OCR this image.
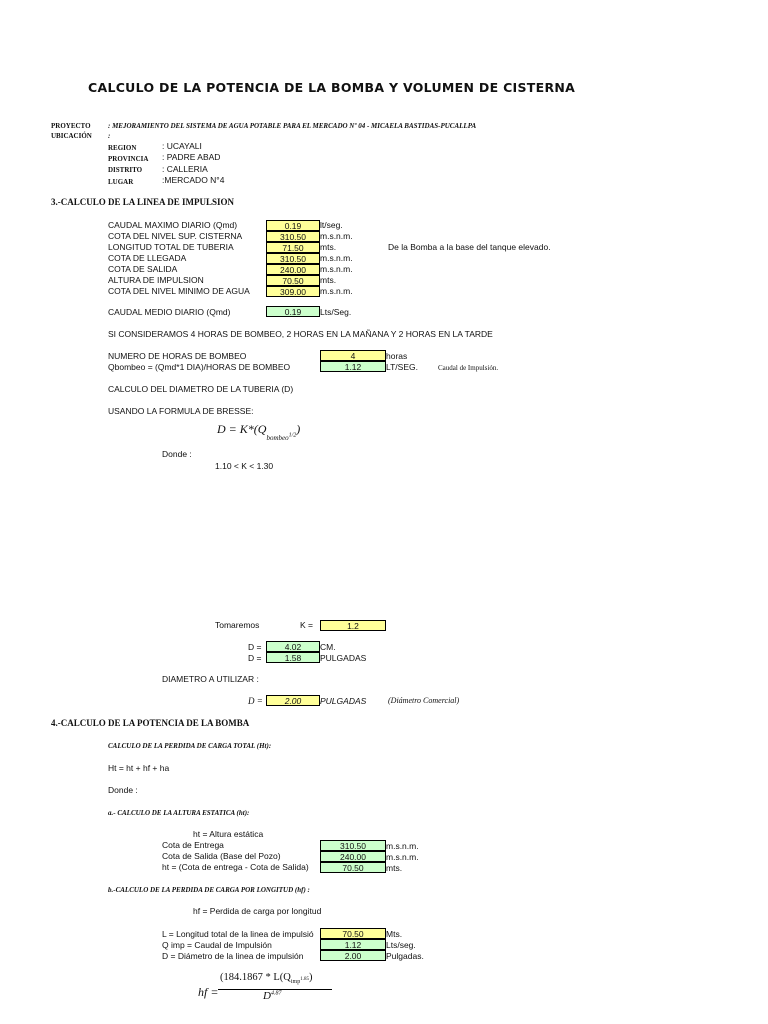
CALCULO DE LA POTENCIA DE LA BOMBA Y VOLUMEN DE CISTERNA
PROYECTO : MEJORAMIENTO DEL SISTEMA DE AGUA POTABLE PARA EL MERCADO Nº 04 - MICAELA BASTIDAS-PUCALLPA
UBICACIÓN :
REGION	: UCAYALI
PROVINCIA : PADRE ABAD
DISTRITO : CALLERIA
LUGAR	:MERCADO N°4
3.-CALCULO DE LA LINEA DE IMPULSION
CAUDAL MAXIMO DIARIO (Qmd)	0.19	lt/seg.
COTA DEL NIVEL SUP. CISTERNA	310.50	m.s.n.m.
LONGITUD TOTAL DE TUBERIA	71.50	mts.	De la Bomba a la base del tanque elevado.
COTA DE LLEGADA	310.50	m.s.n.m.
COTA DE SALIDA	240.00	m.s.n.m.
ALTURA DE IMPULSION	70.50	mts.
COTA DEL NIVEL MINIMO DE AGUA	309.00	m.s.n.m.
CAUDAL MEDIO DIARIO (Qmd)	0.19	Lts/Seg.
SI CONSIDERAMOS 4 HORAS DE BOMBEO, 2 HORAS EN LA MAÑANA Y 2 HORAS EN LA TARDE
NUMERO DE HORAS DE BOMBEO	4	horas
Qbombeo = (Qmd*1 DIA)/HORAS DE BOMBEO	1.12	LT/SEG.	Caudal de Impulsión.
CALCULO DEL DIAMETRO DE LA TUBERIA (D)
USANDO LA FORMULA DE BRESSE:
$D = K*(Q_{bombeo^{1/2}})$
Donde :
1.10 < K < 1.30
Tomaremos	K =	1.2
D =	4.02	CM.
D =	1.58	PULGADAS
DIAMETRO A UTILIZAR :
D =	2.00	PULGADAS	(Diámetro Comercial)
4.-CALCULO DE LA POTENCIA DE LA BOMBA
CALCULO DE LA PERDIDA DE CARGA TOTAL (Ht):
Ht = ht + hf + ha
Donde :
a.- CALCULO DE LA ALTURA ESTATICA (ht):
ht = Altura estática
Cota de Entrega	310.50	m.s.n.m.
Cota de Salida (Base del Pozo)	240.00	m.s.n.m.
ht = (Cota de entrega - Cota de Salida)	70.50	mts.
b.-CALCULO DE LA PERDIDA DE CARGA POR LONGITUD (hf) :
hf = Perdida de carga por longitud
L = Longitud total de la linea de impulsió	70.50	Mts.
Q imp = Caudal de Impulsión	1.12	Lts/seg.
D = Diámetro de la linea de impulsión	2.00	Pulgadas.
hf =
($184.1867 * L(Q_{imp^{1.85}})$
$D^{4.87}$
